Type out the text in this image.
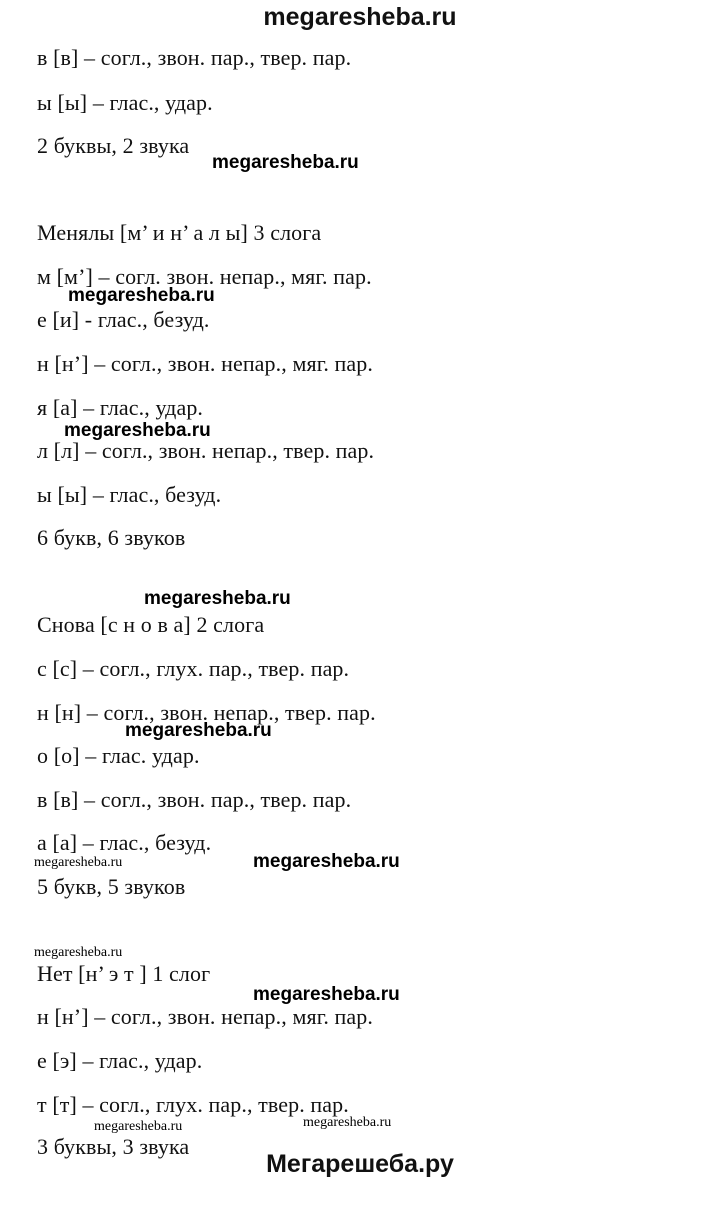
megaresheba.ru
в [в] – согл., звон. пар., твер. пар.
ы [ы] – глас., удар.
2 буквы, 2 звука
Менялы [м’ и н’ а л ы] 3 слога
м [м’] – согл. звон. непар., мяг. пар.
е [и] - глас., безуд.
н [н’] – согл., звон. непар., мяг. пар.
я [а] – глас., удар.
л [л] – согл., звон. непар., твер. пар.
ы [ы] – глас., безуд.
6 букв, 6 звуков
Снова [с н о в а] 2 слога
с [с] – согл., глух. пар., твер. пар.
н [н] – согл., звон. непар., твер. пар.
о [о] – глас. удар.
в [в] – согл., звон. пар., твер. пар.
а [а] – глас., безуд.
5 букв, 5 звуков
Нет [н’ э т ] 1 слог
н [н’] – согл., звон. непар., мяг. пар.
е [э] – глас., удар.
т [т] – согл., глух. пар., твер. пар.
3 буквы, 3 звука
megaresheba.ru
megaresheba.ru
megaresheba.ru
megaresheba.ru
megaresheba.ru
megaresheba.ru	megaresheba.ru
megaresheba.ru
megaresheba.ru
megaresheba.ru	megaresheba.ru
Мегарешеба.ру
